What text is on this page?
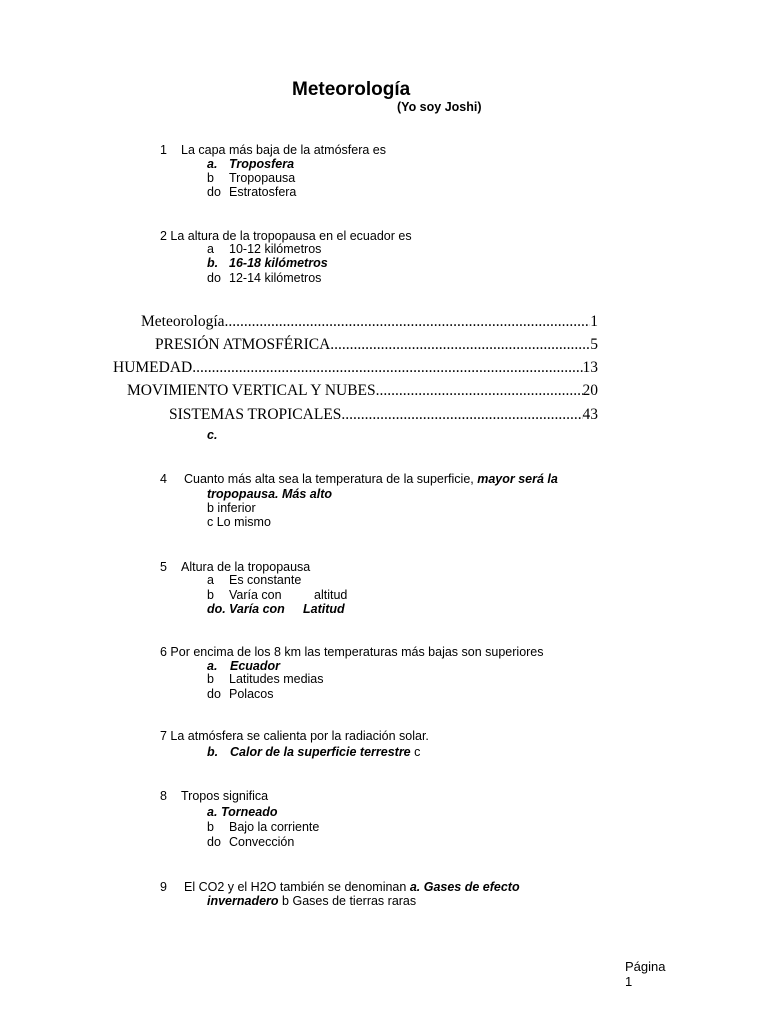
Meteorología
(Yo soy Joshi)
1 La capa más baja de la atmósfera es
a. Troposfera
b Tropopausa
do Estratosfera
2 La altura de la tropopausa en el ecuador es
a 10-12 kilómetros
b. 16-18 kilómetros
do 12-14 kilómetros
Meteorología .....	1
PRESIÓN ATMOSFÉRICA .....	5
HUMEDAD .....	13
MOVIMIENTO VERTICAL Y NUBES .....	20
SISTEMAS TROPICALES .....	43
c.
4 Cuanto más alta sea la temperatura de la superficie, mayor será la
tropopausa. Más alto
b inferior
c Lo mismo
5 Altura de la tropopausa
a Es constante
b Varía con	altitud
do. Varía con Latitud
6 Por encima de los 8 km las temperaturas más bajas son superiores
a. Ecuador
b Latitudes medias
do Polacos
7 La atmósfera se calienta por la radiación solar.
b. Calor de la superficie terrestre c
8 Tropos significa
a. Torneado
b Bajo la corriente
do Convección
9 El CO2 y el H2O también se denominan a. Gases de efecto
invernadero b Gases de tierras raras
Página
1
